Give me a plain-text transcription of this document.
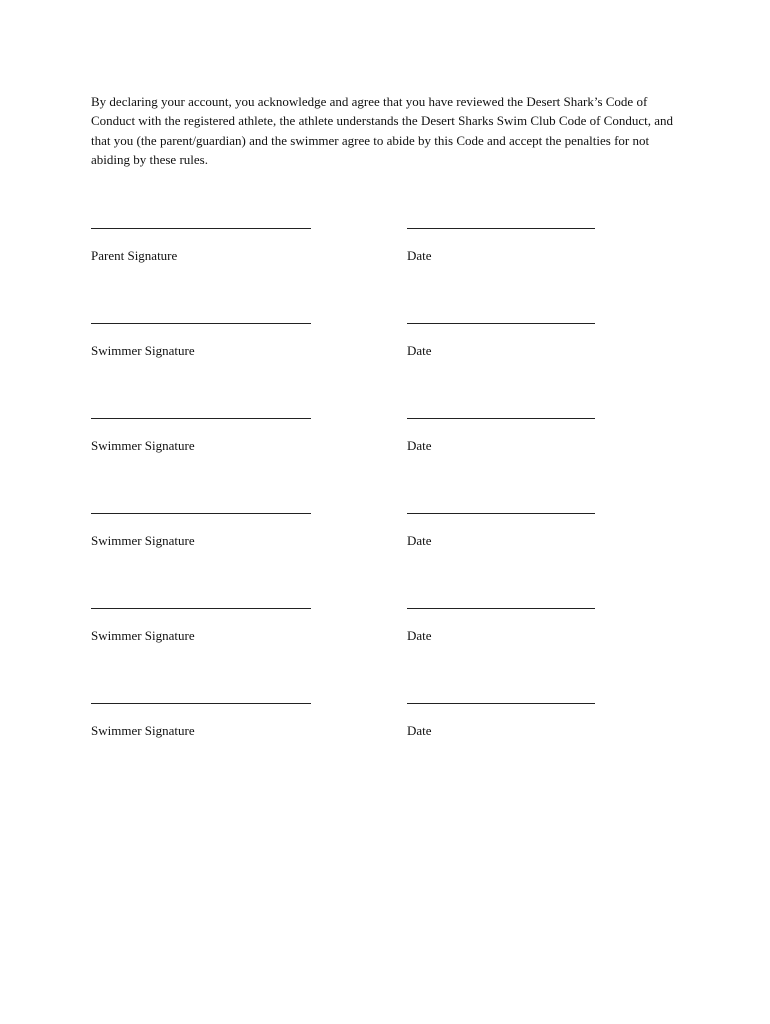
By declaring your account, you acknowledge and agree that you have reviewed the Desert Shark’s Code of Conduct with the registered athlete, the athlete understands the Desert Sharks Swim Club Code of Conduct, and that you (the parent/guardian) and the swimmer agree to abide by this Code and accept the penalties for not abiding by these rules.

Parent Signature	Date
Swimmer Signature	Date
Swimmer Signature	Date
Swimmer Signature	Date
Swimmer Signature	Date
Swimmer Signature	Date
